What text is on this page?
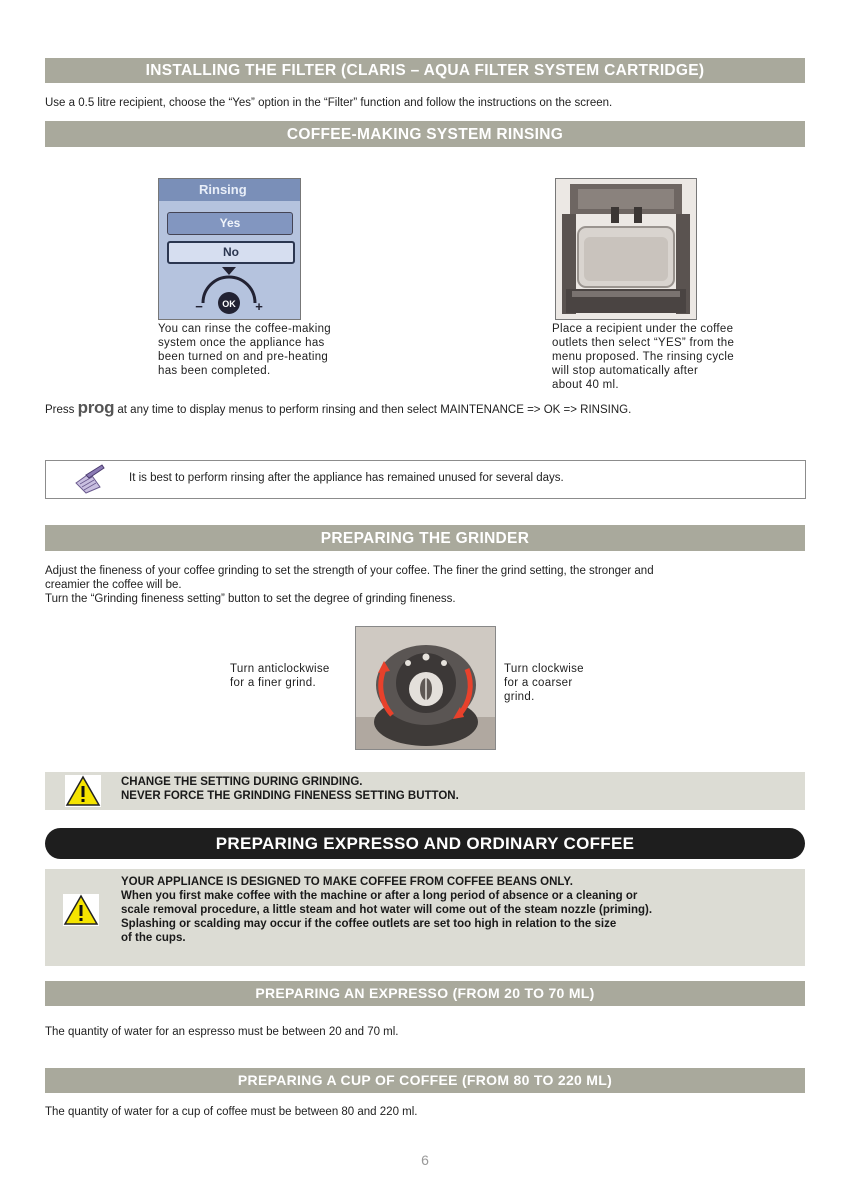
INSTALLING THE FILTER (CLARIS – AQUA FILTER SYSTEM CARTRIDGE)
Use a 0.5 litre recipient, choose the “Yes” option in the “Filter” function and follow the instructions on the screen.
COFFEE-MAKING SYSTEM RINSING
Rinsing
Yes
No
OK
−	+
You can rinse the coffee-making
system once the appliance has
been turned on and pre-heating
has been completed.
Place a recipient under the coffee
outlets then select “YES” from the
menu proposed. The rinsing cycle
will stop automatically after
about 40 ml.
Press prog at any time to display menus to perform rinsing and then select MAINTENANCE => OK => RINSING.
It is best to perform rinsing after the appliance has remained unused for several days.
PREPARING THE GRINDER
Adjust the fineness of your coffee grinding to set the strength of your coffee. The finer the grind setting, the stronger and
creamier the coffee will be.
Turn the “Grinding fineness setting” button to set the degree of grinding fineness.
Turn anticlockwise
for a finer grind.
Turn clockwise
for a coarser
grind.
CHANGE THE SETTING DURING GRINDING.
NEVER FORCE THE GRINDING FINENESS SETTING BUTTON.
PREPARING EXPRESSO AND ORDINARY COFFEE
YOUR APPLIANCE IS DESIGNED TO MAKE COFFEE FROM COFFEE BEANS ONLY.
When you first make coffee with the machine or after a long period of absence or a cleaning or
scale removal procedure, a little steam and hot water will come out of the steam nozzle (priming).
Splashing or scalding may occur if the coffee outlets are set too high in relation to the size
of the cups.
PREPARING AN EXPRESSO (FROM 20 TO 70 ML)
The quantity of water for an espresso must be between 20 and 70 ml.
PREPARING A CUP OF COFFEE (FROM 80 TO 220 ML)
The quantity of water for a cup of coffee must be between 80 and 220 ml.
6
